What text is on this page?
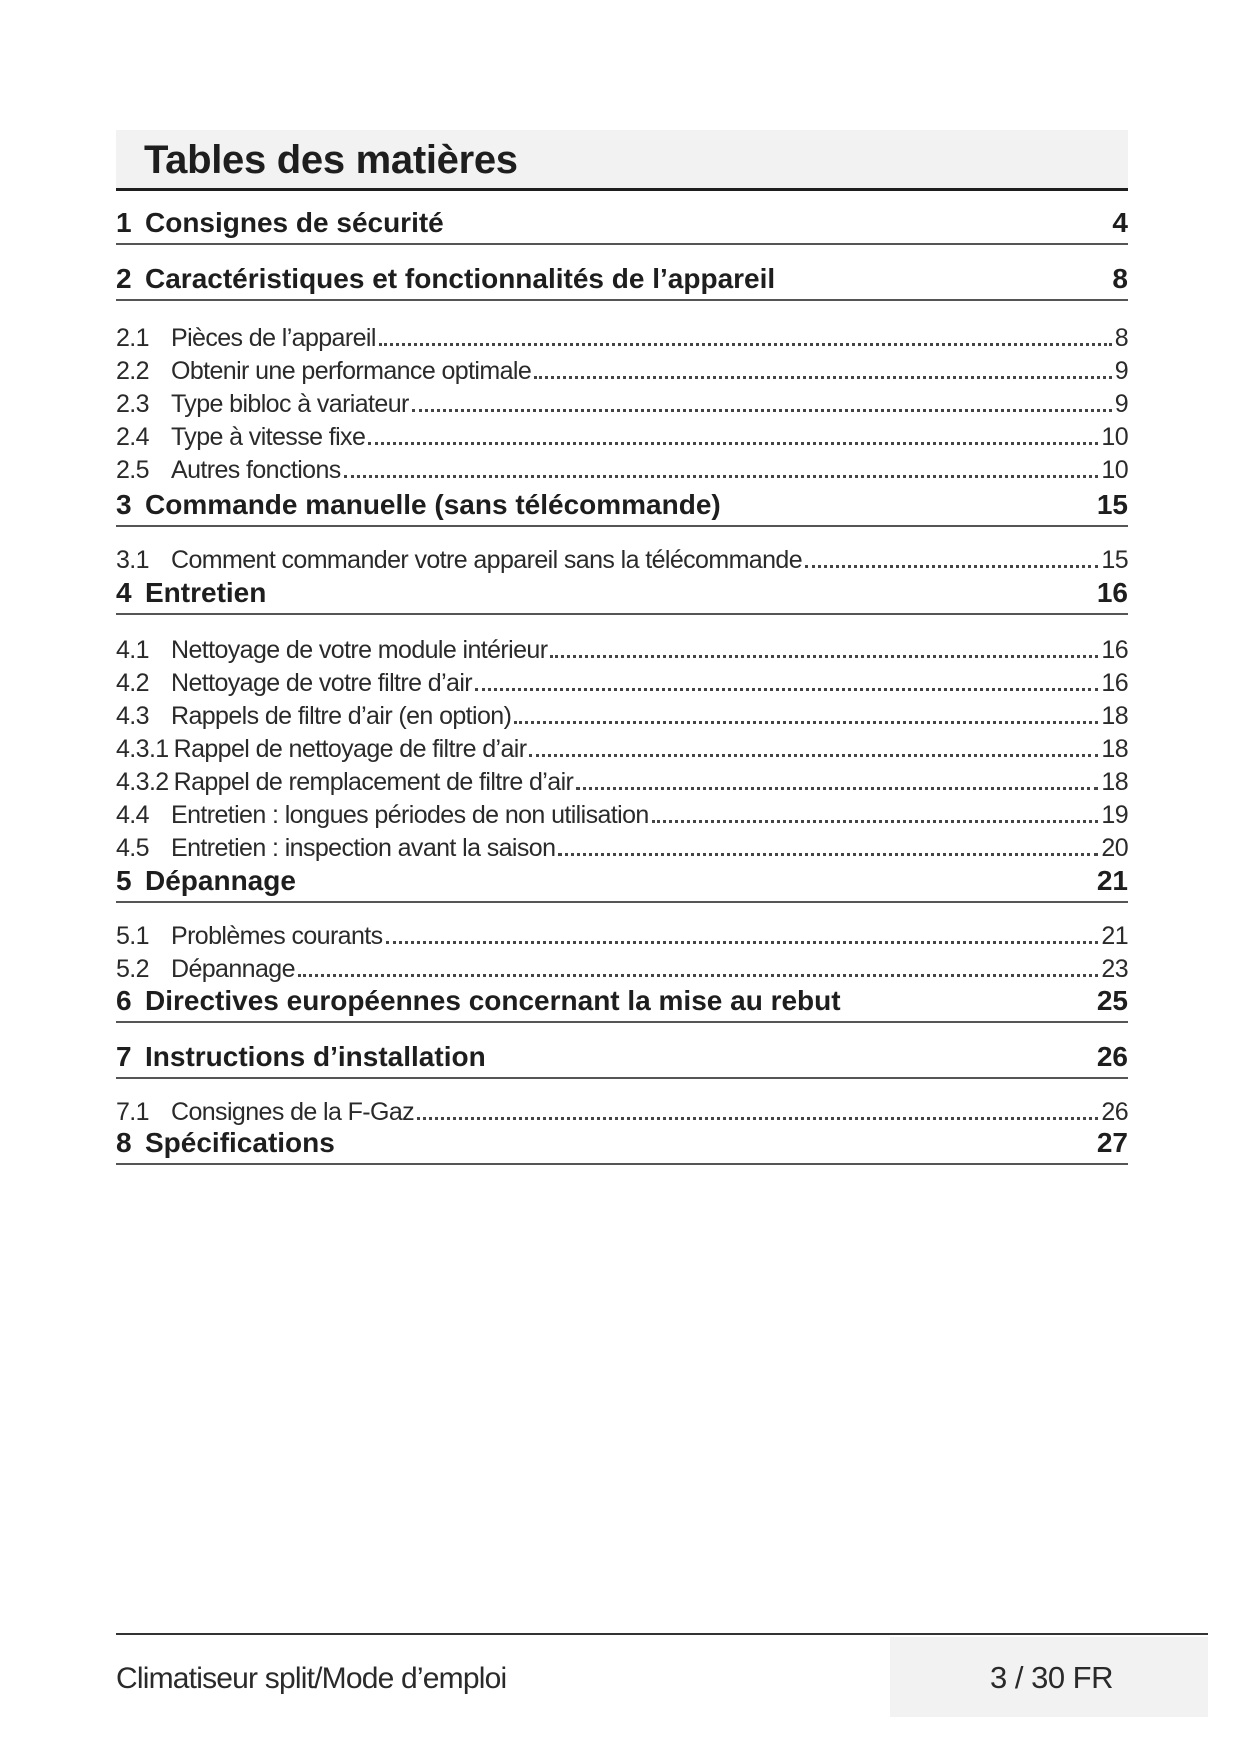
Tables des matières
1 Consignes de sécurité	4
2 Caractéristiques et fonctionnalités de l’appareil	8
2.1 Pièces de l’appareil	8
2.2 Obtenir une performance optimale	9
2.3 Type bibloc à variateur	9
2.4 Type à vitesse fixe	10
2.5 Autres fonctions	10
3 Commande manuelle (sans télécommande)	15
3.1 Comment commander votre appareil sans la télécommande	15
4 Entretien	16
4.1 Nettoyage de votre module intérieur	16
4.2 Nettoyage de votre filtre d’air	16
4.3 Rappels de filtre d’air (en option)	18
4.3.1 Rappel de nettoyage de filtre d’air	18
4.3.2 Rappel de remplacement de filtre d’air	18
4.4 Entretien : longues périodes de non utilisation	19
4.5 Entretien : inspection avant la saison	20
5 Dépannage	21
5.1 Problèmes courants	21
5.2 Dépannage	23
6 Directives européennes concernant la mise au rebut	25
7 Instructions d’installation	26
7.1 Consignes de la F-Gaz	26
8 Spécifications	27
Climatiseur split/Mode d’emploi	3 / 30 FR
